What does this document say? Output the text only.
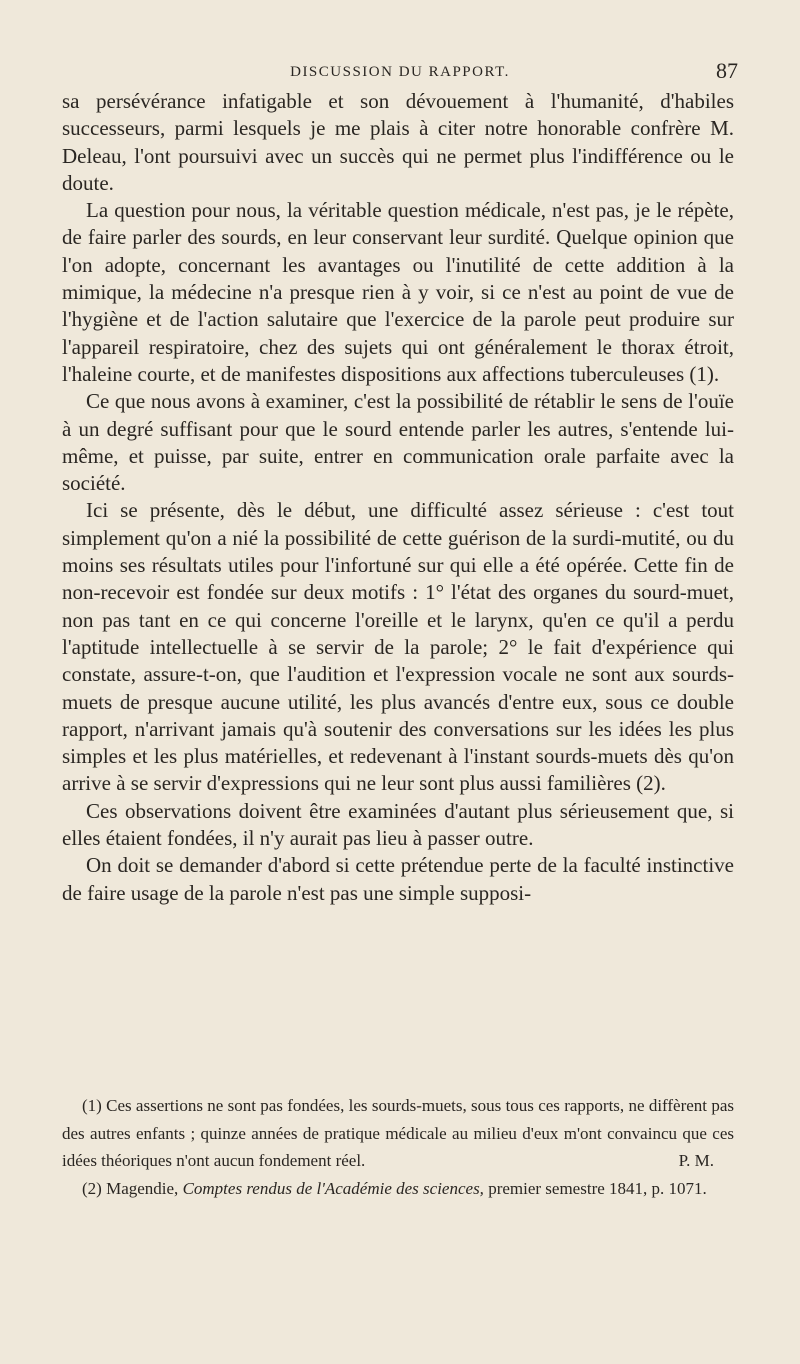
DISCUSSION DU RAPPORT.	87

sa persévérance infatigable et son dévouement à l'humanité, d'habiles successeurs, parmi lesquels je me plais à citer notre honorable confrère M. Deleau, l'ont poursuivi avec un succès qui ne permet plus l'indifférence ou le doute.

La question pour nous, la véritable question médicale, n'est pas, je le répète, de faire parler des sourds, en leur conservant leur surdité. Quelque opinion que l'on adopte, concernant les avantages ou l'inutilité de cette addition à la mimique, la médecine n'a presque rien à y voir, si ce n'est au point de vue de l'hygiène et de l'action salutaire que l'exercice de la parole peut produire sur l'appareil respiratoire, chez des sujets qui ont généralement le thorax étroit, l'haleine courte, et de manifestes dispositions aux affections tuberculeuses (1).

Ce que nous avons à examiner, c'est la possibilité de rétablir le sens de l'ouïe à un degré suffisant pour que le sourd entende parler les autres, s'entende lui-même, et puisse, par suite, entrer en communication orale parfaite avec la société.

Ici se présente, dès le début, une difficulté assez sérieuse : c'est tout simplement qu'on a nié la possibilité de cette guérison de la surdi-mutité, ou du moins ses résultats utiles pour l'infortuné sur qui elle a été opérée. Cette fin de non-recevoir est fondée sur deux motifs : 1° l'état des organes du sourd-muet, non pas tant en ce qui concerne l'oreille et le larynx, qu'en ce qu'il a perdu l'aptitude intellectuelle à se servir de la parole; 2° le fait d'expérience qui constate, assure-t-on, que l'audition et l'expression vocale ne sont aux sourds-muets de presque aucune utilité, les plus avancés d'entre eux, sous ce double rapport, n'arrivant jamais qu'à soutenir des conversations sur les idées les plus simples et les plus matérielles, et redevenant à l'instant sourds-muets dès qu'on arrive à se servir d'expressions qui ne leur sont plus aussi familières (2).

Ces observations doivent être examinées d'autant plus sérieusement que, si elles étaient fondées, il n'y aurait pas lieu à passer outre.

On doit se demander d'abord si cette prétendue perte de la faculté instinctive de faire usage de la parole n'est pas une simple supposi-

(1) Ces assertions ne sont pas fondées, les sourds-muets, sous tous ces rapports, ne diffèrent pas des autres enfants ; quinze années de pratique médicale au milieu d'eux m'ont convaincu que ces idées théoriques n'ont aucun fondement réel.	P. M.

(2) Magendie, Comptes rendus de l'Académie des sciences, premier semestre 1841, p. 1071.
